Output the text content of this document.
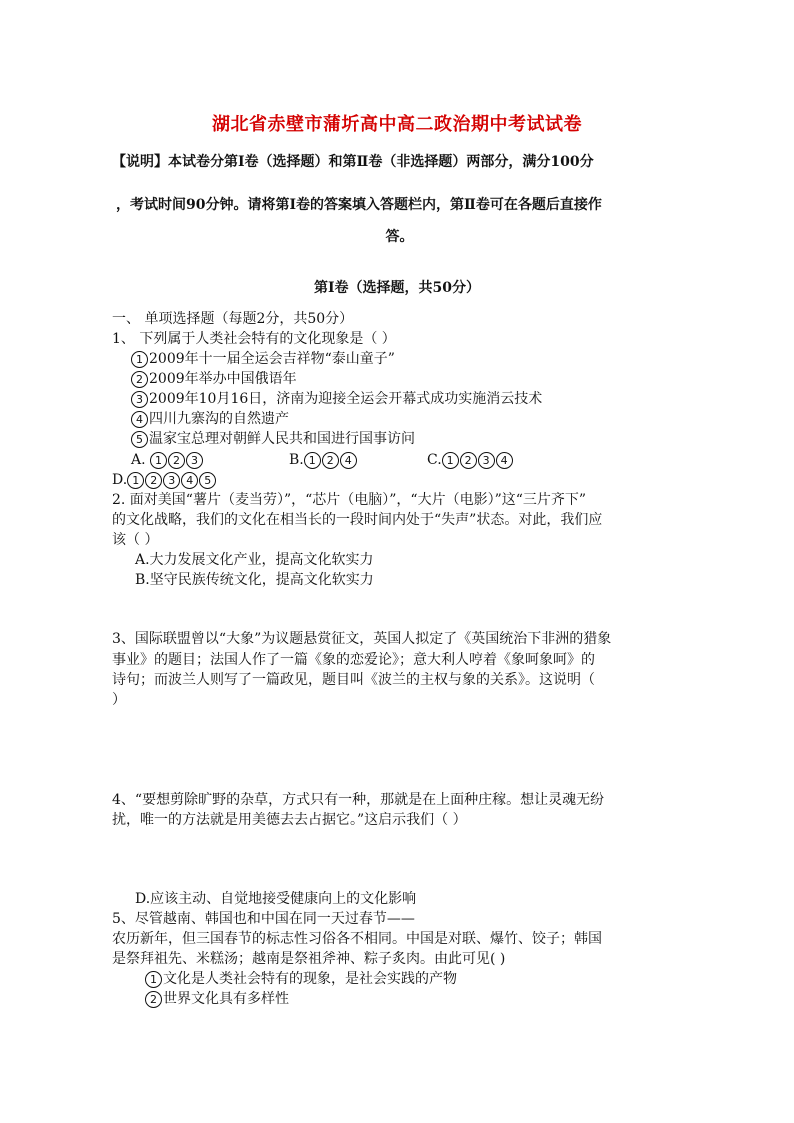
湖北省赤壁市蒲圻高中高二政治期中考试试卷
【说明】本试卷分第Ⅰ卷（选择题）和第Ⅱ卷（非选择题）两部分，满分100分
，考试时间90分钟。请将第Ⅰ卷的答案填入答题栏内，第Ⅱ卷可在各题后直接作
答。
第Ⅰ卷（选择题，共50分）
一、 单项选择题（每题2分，共50分）
1、 下列属于人类社会特有的文化现象是（ ）
1 2009年十一届全运会吉祥物“泰山童子”
2 2009年举办中国俄语年
3 2009年10月16日，济南为迎接全运会开幕式成功实施消云技术
4 四川九寨沟的自然遗产
5 温家宝总理对朝鲜人民共和国进行国事访问
A. 1 2 3	B. 1 2 4	C. 1 2 3 4
D. 1 2 3 4 5
2. 面对美国“薯片（麦当劳）”，“芯片（电脑）”，“大片（电影）”这“三片齐下”
的文化战略，我们的文化在相当长的一段时间内处于“失声”状态。对此，我们应
该（ ）
A.大力发展文化产业，提高文化软实力
B.坚守民族传统文化，提高文化软实力
3、国际联盟曾以“大象”为议题悬赏征文，英国人拟定了《英国统治下非洲的猎象
事业》的题目；法国人作了一篇《象的恋爱论》；意大利人哼着《象呵象呵》的
诗句；而波兰人则写了一篇政见，题目叫《波兰的主权与象的关系》。这说明（
）
4、“要想剪除旷野的杂草，方式只有一种，那就是在上面种庄稼。想让灵魂无纷
扰，唯一的方法就是用美德去去占据它。”这启示我们（ ）
D.应该主动、自觉地接受健康向上的文化影响
5、尽管越南、韩国也和中国在同一天过春节——
农历新年，但三国春节的标志性习俗各不相同。中国是对联、爆竹、饺子；韩国
是祭拜祖先、米糕汤；越南是祭祖斧神、粽子炙肉。由此可见( )
1 文化是人类社会特有的现象，是社会实践的产物
2 世界文化具有多样性
